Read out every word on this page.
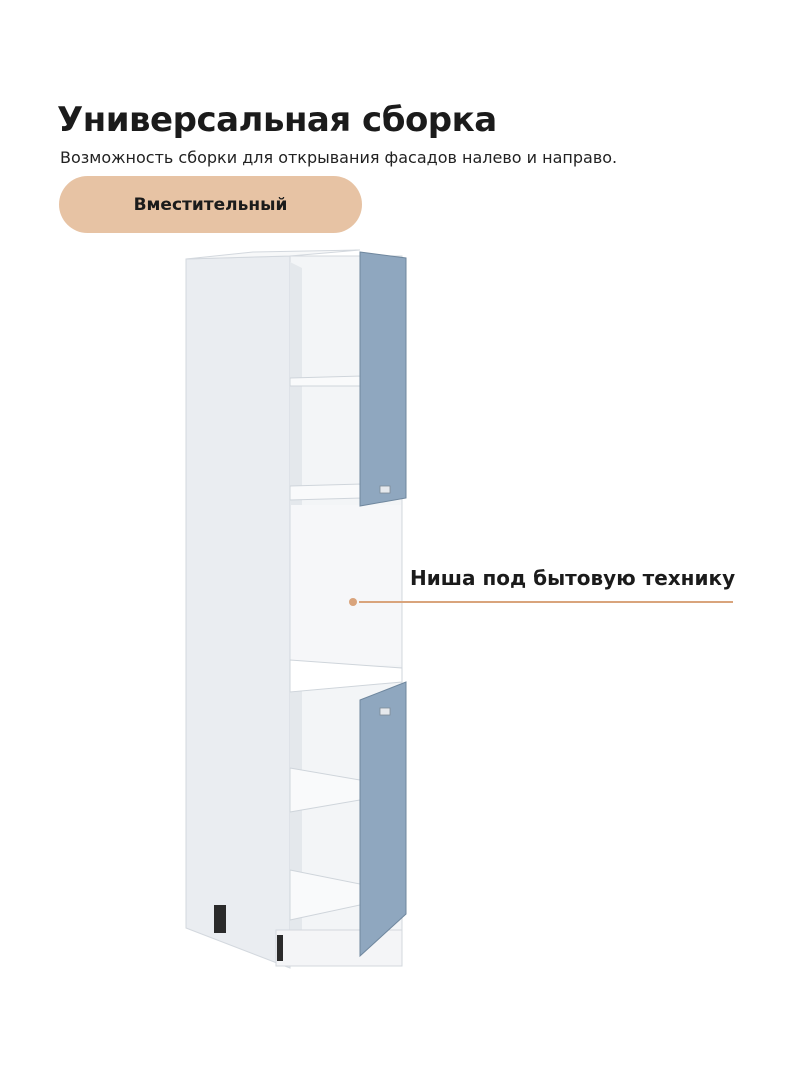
Универсальная сборка
Возможность сборки для открывания фасадов налево и направо.
Вместительный
Ниша под бытовую технику
